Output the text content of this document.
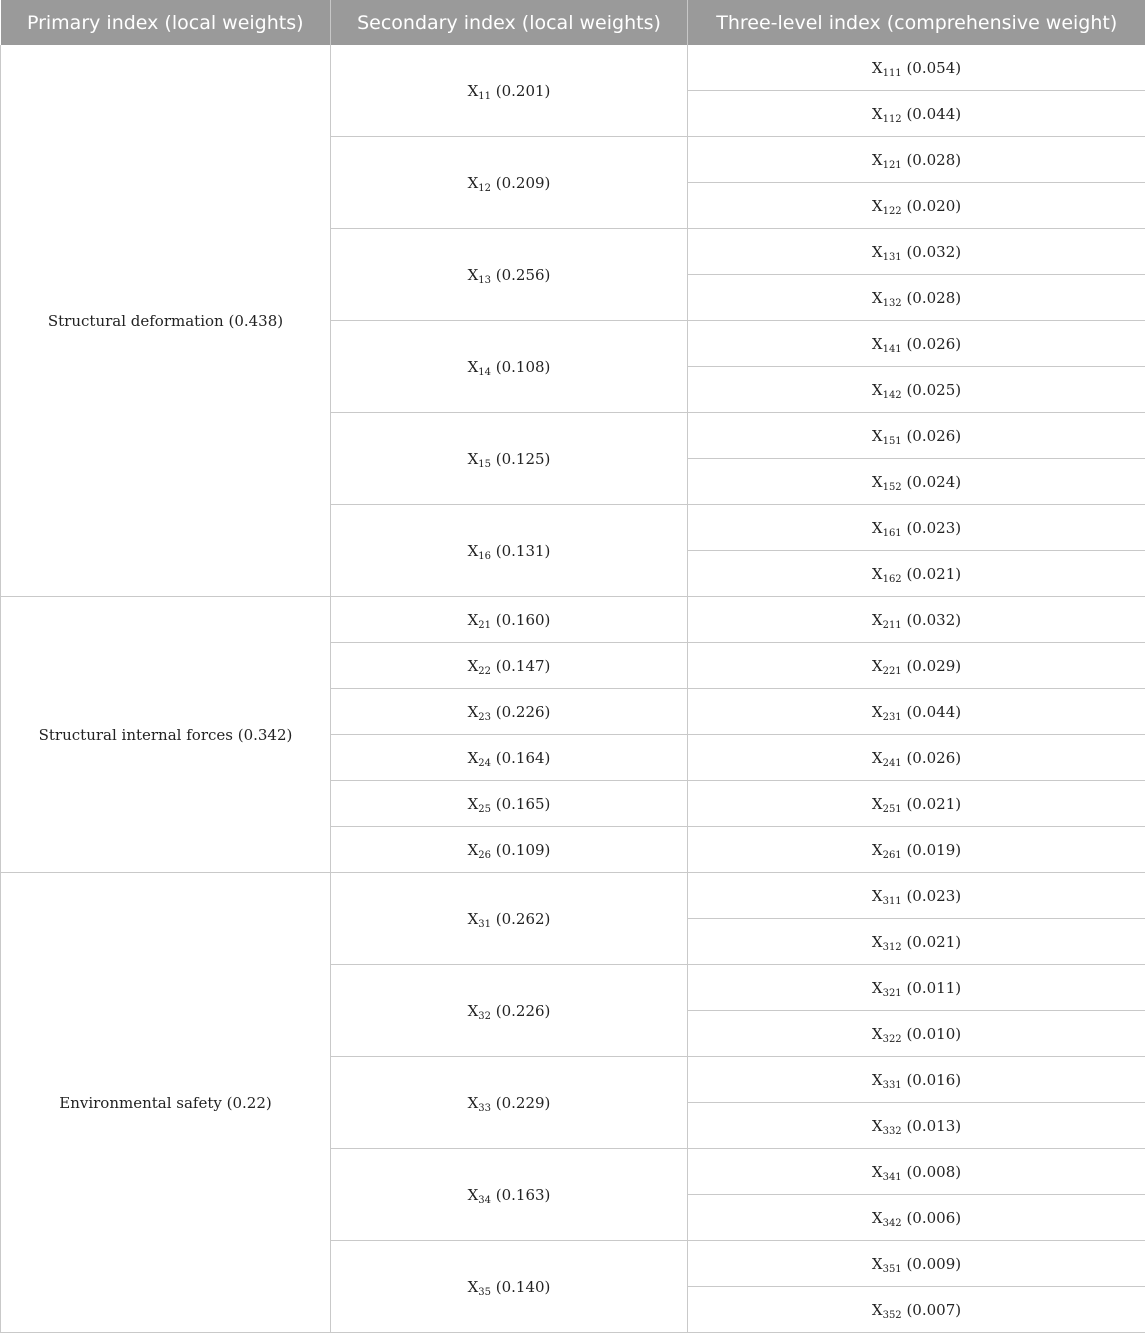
Primary index (local weights)	Secondary index (local weights)	Three-level index (comprehensive weight)
Structural deformation (0.438)	$X_{11}$ (0.201)	$X_{111}$ (0.054)
		$X_{112}$ (0.044)
	$X_{12}$ (0.209)	$X_{121}$ (0.028)
		$X_{122}$ (0.020)
	$X_{13}$ (0.256)	$X_{131}$ (0.032)
		$X_{132}$ (0.028)
	$X_{14}$ (0.108)	$X_{141}$ (0.026)
		$X_{142}$ (0.025)
	$X_{15}$ (0.125)	$X_{151}$ (0.026)
		$X_{152}$ (0.024)
	$X_{16}$ (0.131)	$X_{161}$ (0.023)
		$X_{162}$ (0.021)
Structural internal forces (0.342)	$X_{21}$ (0.160)	$X_{211}$ (0.032)
	$X_{22}$ (0.147)	$X_{221}$ (0.029)
	$X_{23}$ (0.226)	$X_{231}$ (0.044)
	$X_{24}$ (0.164)	$X_{241}$ (0.026)
	$X_{25}$ (0.165)	$X_{251}$ (0.021)
	$X_{26}$ (0.109)	$X_{261}$ (0.019)
Environmental safety (0.22)	$X_{31}$ (0.262)	$X_{311}$ (0.023)
		$X_{312}$ (0.021)
	$X_{32}$ (0.226)	$X_{321}$ (0.011)
		$X_{322}$ (0.010)
	$X_{33}$ (0.229)	$X_{331}$ (0.016)
		$X_{332}$ (0.013)
	$X_{34}$ (0.163)	$X_{341}$ (0.008)
		$X_{342}$ (0.006)
	$X_{35}$ (0.140)	$X_{351}$ (0.009)
		$X_{352}$ (0.007)
